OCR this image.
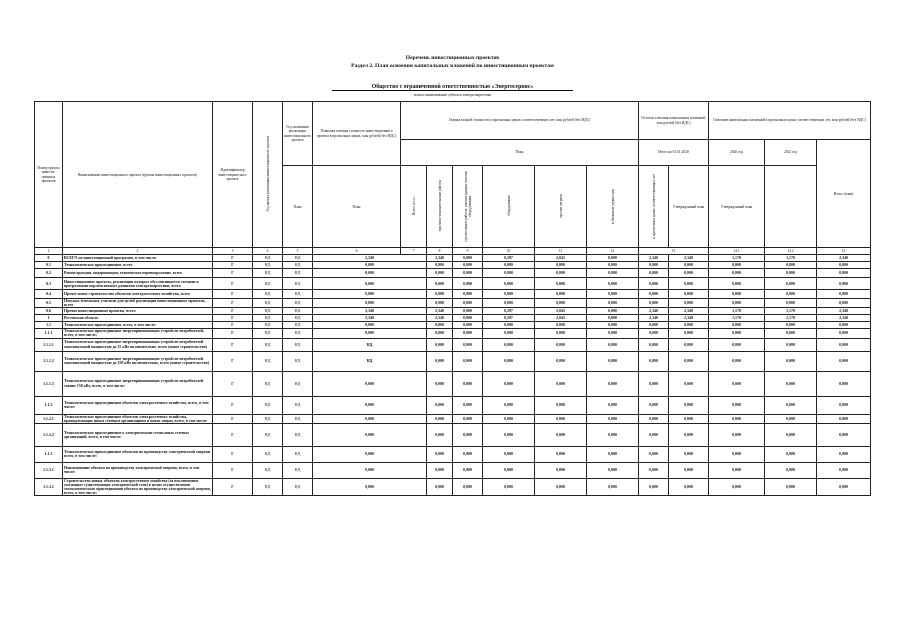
Перечень инвестиционных проектов
Раздел 2. План освоения капитальных вложений по инвестиционным проектам
Общество с ограниченной ответственностью «Энергосервис»
полное наименование субъекта электроэнергетики
Номер группы инвести-ционных проектов	Наименование инвестиционного проекта (группы инвестиционных проектов)	Идентификатор инвестицион-ного проекта	Год начала реализации инвестиционного проекта	Год окончания реализации инвестиционного проекта	Плановая сметная стоимость инвестиционного проекта в прогнозных ценах, млн рублей (без НДС)	Оценка полной стоимости в прогнозных ценах соответствующих лет, млн рублей (без НДС)						Остаток освоения капитальных вложений, млн рублей (без НДС)		Освоение капитальных вложений в прогнозных ценах соответствующих лет, млн рублей (без НДС)		
						План						Итого на 01.01.2020		2020 год	2021 год	Итого (план)
				План	План	Всего, в т.ч.:	проектно-изыскательские работы	строительные работы, реконструкция, монтаж оборудования	оборудование	прочие затраты	в базисном уровне цен	в прогнозных ценах соответствующих лет	Утвержденный план	Утвержденный план		
1	2	3	4	5	6	7	8	9	10	11	12	13		14.1	14.2	15
0	ВСЕГО по инвестиционной программе, в том числе:	Г	НД	НД	2,340		2,340	0,000	0,297	2,043	0,000	2,340	2,340	1,170	1,170	2,340
0.1	Технологическое присоединение, всего	Г	НД	НД	0,000		0,000	0,000	0,000	0,000	0,000	0,000	0,000	0,000	0,000	0,000
0.2	Реконструкция, модернизация, техническое перевооружение, всего	Г	НД	НД	0,000		0,000	0,000	0,000	0,000	0,000	0,000	0,000	0,000	0,000	0,000
0.3	Инвестиционные проекты, реализация которых обуславливается схемами и программами перспективного развития электроэнергетики, всего	Г	НД	НД	0,000		0,000	0,000	0,000	0,000	0,000	0,000	0,000	0,000	0,000	0,000
0.4	Прочее новое строительство объектов электросетевого хозяйства, всего	Г	НД	НД	0,000		0,000	0,000	0,000	0,000	0,000	0,000	0,000	0,000	0,000	0,000
0.5	Покупка земельных участков для целей реализации инвестиционных проектов, всего	Г	НД	НД	0,000		0,000	0,000	0,000	0,000	0,000	0,000	0,000	0,000	0,000	0,000
0.6	Прочие инвестиционные проекты, всего	Г	НД	НД	2,340		2,340	0,000	0,297	2,043	0,000	2,340	2,340	1,170	1,170	2,340
1	Ростовская область	Г	НД	НД	2,340		2,340	0,000	0,297	2,043	0,000	2,340	2,340	1,170	1,170	2,340
1.1	Технологическое присоединение, всего, в том числе:	Г	НД	НД	0,000		0,000	0,000	0,000	0,000	0,000	0,000	0,000	0,000	0,000	0,000
1.1.1	Технологическое присоединение энергопринимающих устройств потребителей, всего, в том числе:	Г	НД	НД	0,000		0,000	0,000	0,000	0,000	0,000	0,000	0,000	0,000	0,000	0,000
1.1.1.1	Технологическое присоединение энергопринимающих устройств потребителей максимальной мощностью до 15 кВт включительно, всего (новое строительство)	Г	НД	НД	НД		0,000	0,000	0,000	0,000	0,000	0,000	0,000	0,000	0,000	0,000
1.1.1.2	Технологическое присоединение энергопринимающих устройств потребителей максимальной мощностью до 150 кВт включительно, всего (новое строительство)	Г	НД	НД	НД		0,000	0,000	0,000	0,000	0,000	0,000	0,000	0,000	0,000	0,000
1.1.1.3	Технологическое присоединение энергопринимающих устройств потребителей свыше 150 кВт, всего, в том числе:	Г	НД	НД	0,000		0,000	0,000	0,000	0,000	0,000	0,000	0,000	0,000	0,000	0,000
1.1.2	Технологическое присоединение объектов электросетевого хозяйства, всего, в том числе:	Г	НД	НД	0,000		0,000	0,000	0,000	0,000	0,000	0,000	0,000	0,000	0,000	0,000
1.1.2.1	Технологическое присоединение объектов электросетевого хозяйства, принадлежащих иным сетевым организациям и иным лицам, всего, в том числе:	Г	НД	НД	0,000		0,000	0,000	0,000	0,000	0,000	0,000	0,000	0,000	0,000	0,000
1.1.2.2	Технологическое присоединение к электрическим сетям иных сетевых организаций, всего, в том числе:	Г	НД	НД	0,000		0,000	0,000	0,000	0,000	0,000	0,000	0,000	0,000	0,000	0,000
1.1.3	Технологическое присоединение объектов по производству электрической энергии всего, в том числе:	Г	НД	НД	0,000		0,000	0,000	0,000	0,000	0,000	0,000	0,000	0,000	0,000	0,000
1.1.3.1	Наименование объекта по производству электрической энергии, всего, в том числе:	Г	НД	НД	0,000		0,000	0,000	0,000	0,000	0,000	0,000	0,000	0,000	0,000	0,000
1.1.3.1	Строительство новых объектов электросетевого хозяйства (за исключением указанных существующих электрической сети) в целях осуществления технологического присоединения объекта по производству электрической энергии, всего, в том числе:	Г	НД	НД	0,000		0,000	0,000	0,000	0,000	0,000	0,000	0,000	0,000	0,000	0,000
